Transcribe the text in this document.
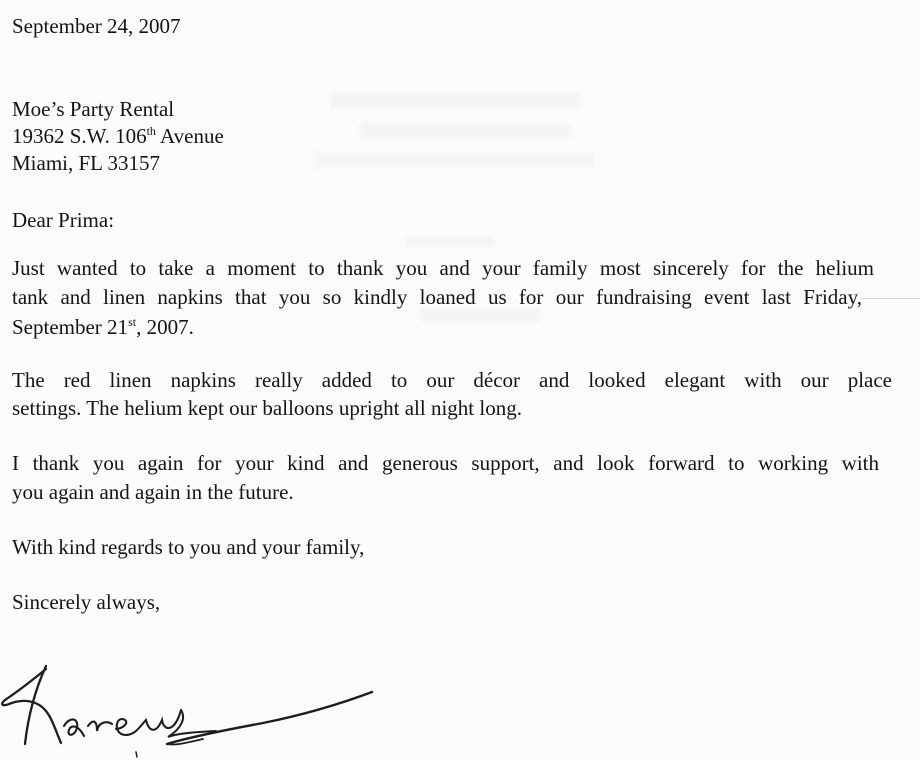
September 24, 2007

Moe’s Party Rental

19362 S.W. 106th Avenue

Miami, FL 33157

Dear Prima:

Just wanted to take a moment to thank you and your family most sincerely for the helium

tank and linen napkins that you so kindly loaned us for our fundraising event last Friday,

September 21st, 2007.

The red linen napkins really added to our décor and looked elegant with our place

settings. The helium kept our balloons upright all night long.

I thank you again for your kind and generous support, and look forward to working with

you again and again in the future.

With kind regards to you and your family,

Sincerely always,
